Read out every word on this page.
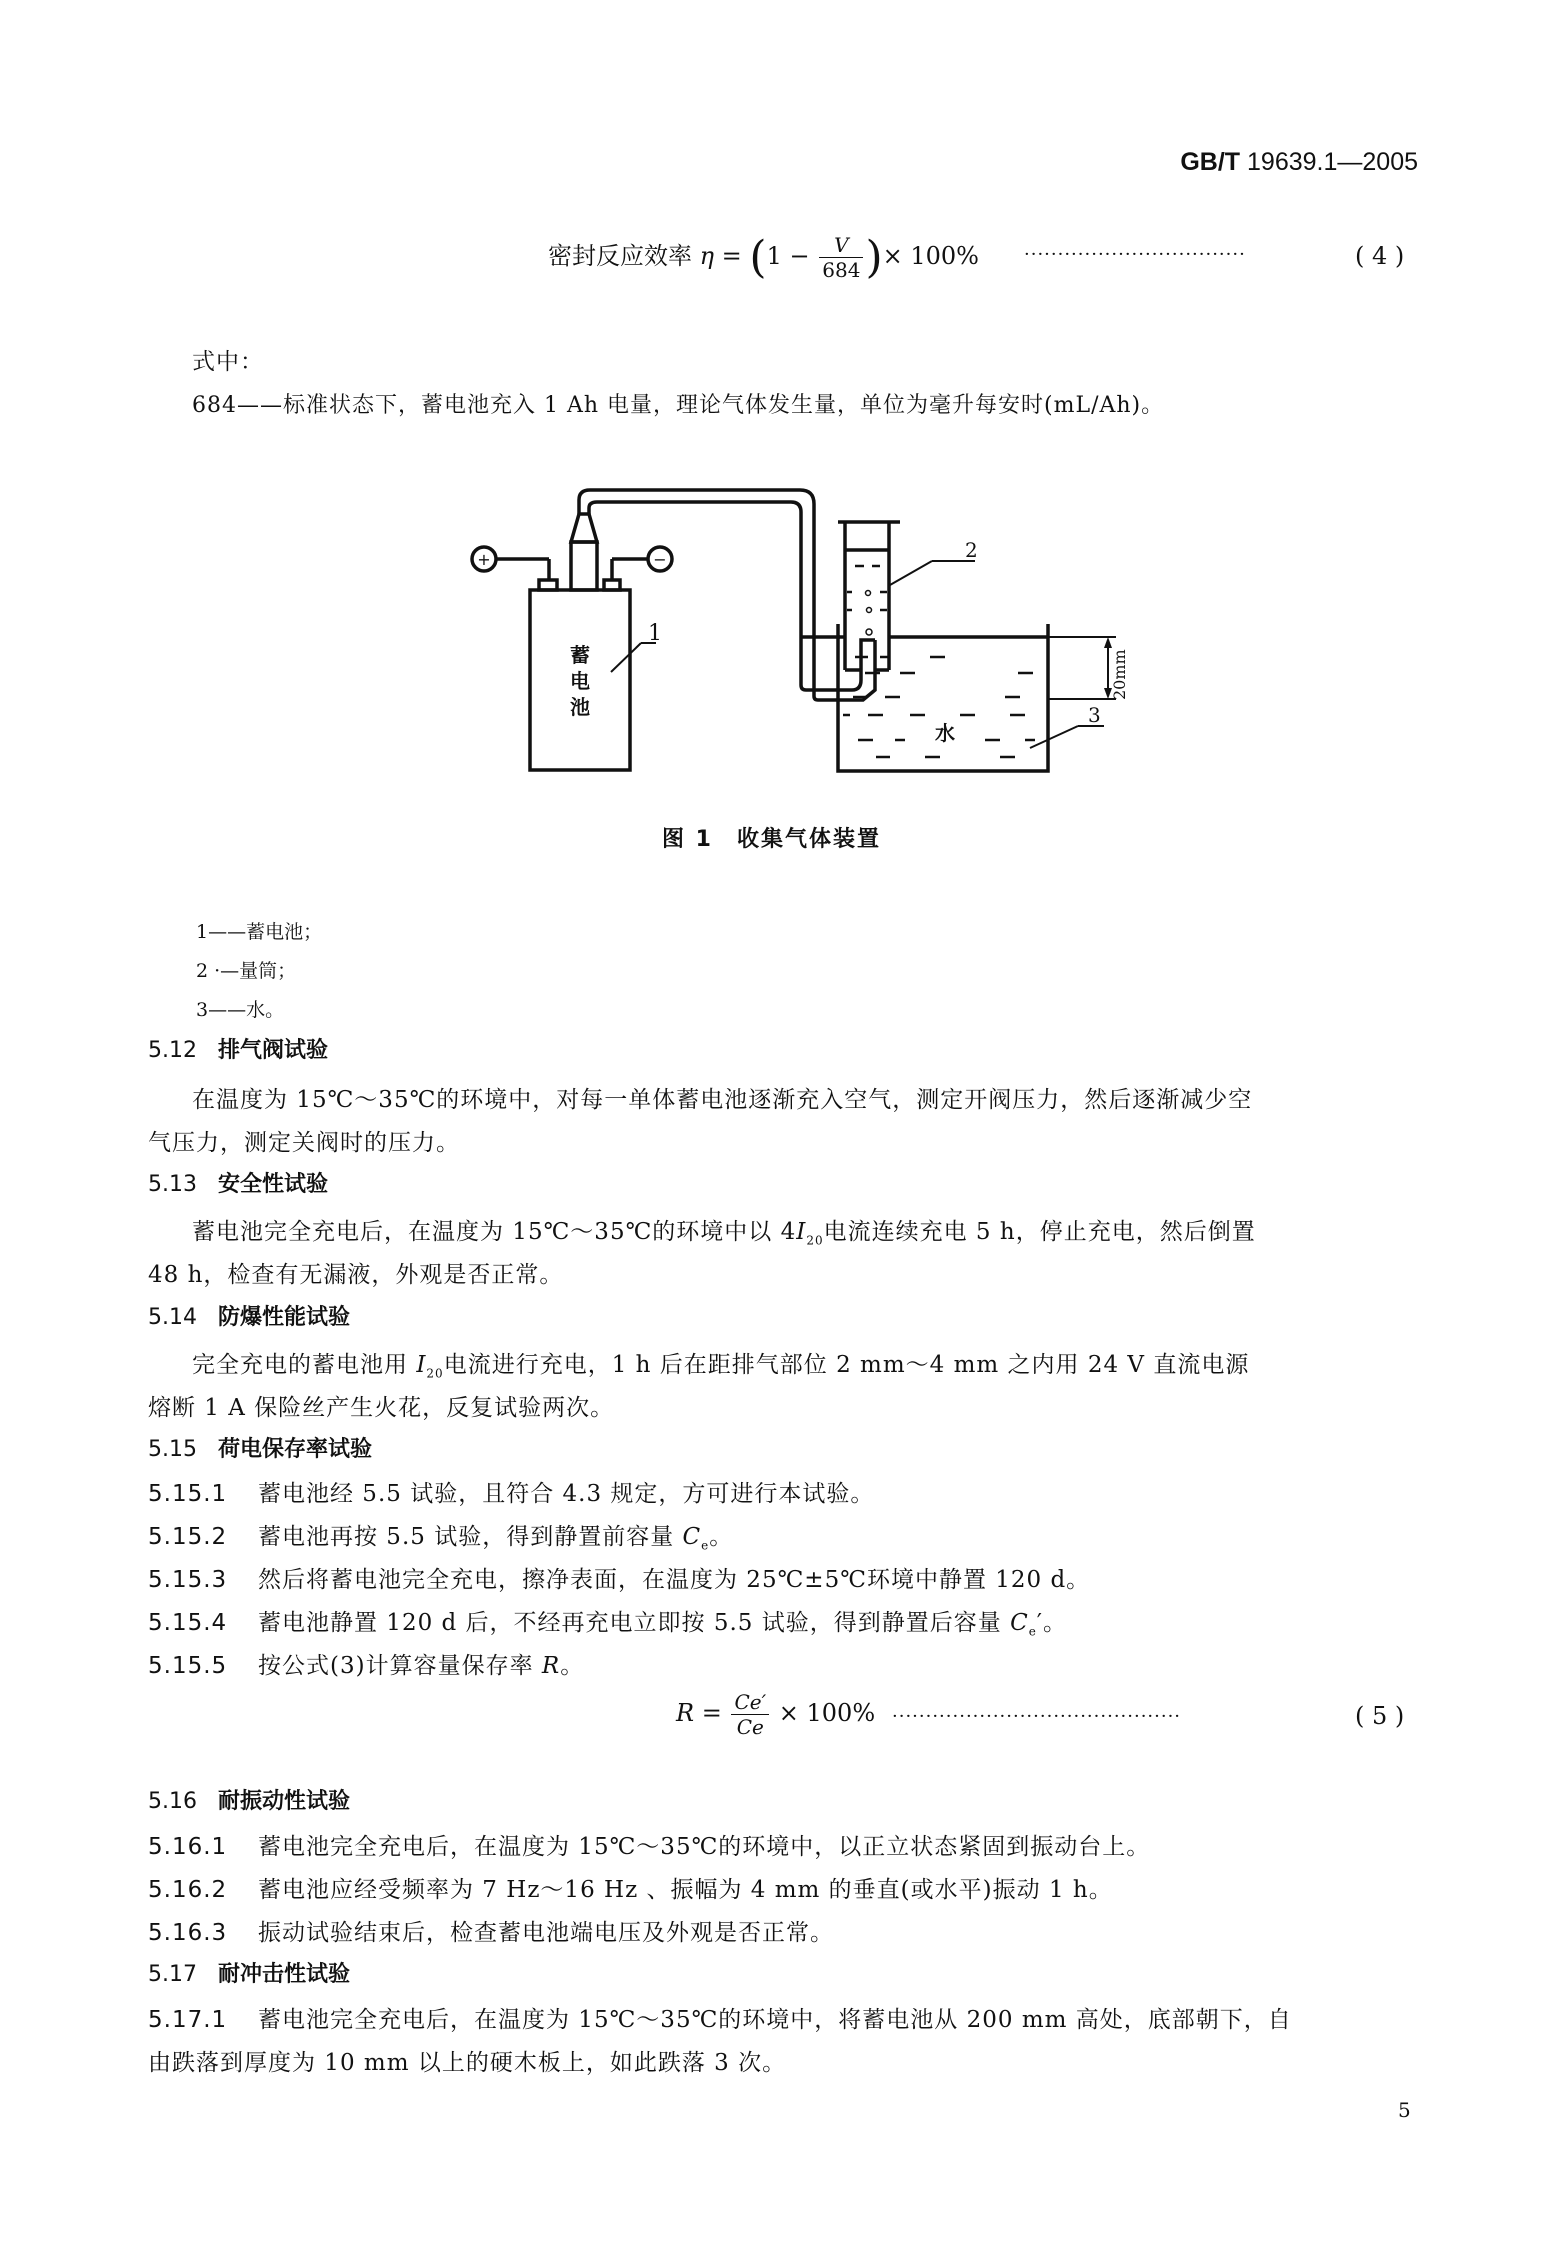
GB/T 19639.1—2005
密封反应效率 $\eta = (1 - \frac{V}{684}$ )× 100%	·································	( 4 )
式中：
684——标准状态下，蓄电池充入 1 Ah 电量，理论气体发生量，单位为毫升每安时(mL/Ah)。
+	−
蓄
电
池
水
1
2
3
20mm
图 1　收集气体装置
1——蓄电池；
2 ·—量筒；
3——水。
5.12 排气阀试验
在温度为 15℃～35℃的环境中，对每一单体蓄电池逐渐充入空气，测定开阀压力，然后逐渐减少空
气压力，测定关阀时的压力。
5.13 安全性试验
蓄电池完全充电后，在温度为 15℃～35℃的环境中以 $4I_{20}$电流连续充电 5 h，停止充电，然后倒置
48 h，检查有无漏液，外观是否正常。
5.14 防爆性能试验
完全充电的蓄电池用 $I_{20}$电流进行充电，1 h 后在距排气部位 2 mm～4 mm 之内用 24 V 直流电源
熔断 1 A 保险丝产生火花，反复试验两次。
5.15 荷电保存率试验
5.15.1 蓄电池经 5.5 试验，且符合 4.3 规定，方可进行本试验。
5.15.2 蓄电池再按 5.5 试验，得到静置前容量 $C_e$。
5.15.3 然后将蓄电池完全充电，擦净表面，在温度为 25℃±5℃环境中静置 120 d。
5.15.4 蓄电池静置 120 d 后，不经再充电立即按 5.5 试验，得到静置后容量 $C_e'$。
5.15.5 按公式(3)计算容量保存率 R。
$R = \frac{Ce'}{Ce} \times 100\%$ ···········································	( 5 )
5.16 耐振动性试验
5.16.1 蓄电池完全充电后，在温度为 15℃～35℃的环境中，以正立状态紧固到振动台上。
5.16.2 蓄电池应经受频率为 7 Hz～16 Hz 、振幅为 4 mm 的垂直(或水平)振动 1 h。
5.16.3 振动试验结束后，检查蓄电池端电压及外观是否正常。
5.17 耐冲击性试验
5.17.1 蓄电池完全充电后，在温度为 15℃～35℃的环境中，将蓄电池从 200 mm 高处，底部朝下，自
由跌落到厚度为 10 mm 以上的硬木板上，如此跌落 3 次。
5
